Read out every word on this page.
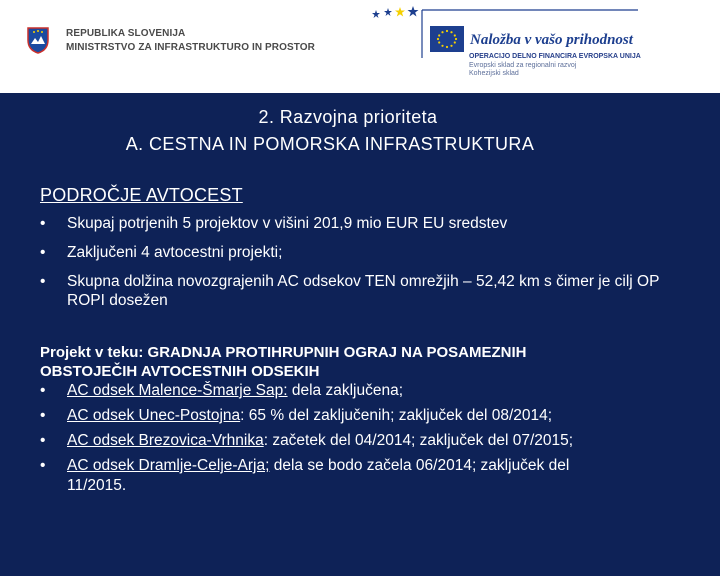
REPUBLIKA SLOVENIJA
MINISTRSTVO ZA INFRASTRUKTURO IN PROSTOR	Naložba v vašo prihodnost
OPERACIJO DELNO FINANCIRA EVROPSKA UNIJA
Evropski sklad za regionalni razvoj
Kohezijski sklad
2. Razvojna prioriteta
A. CESTNA IN POMORSKA INFRASTRUKTURA
PODROČJE AVTOCEST
• Skupaj potrjenih 5 projektov v višini 201,9 mio EUR EU sredstev
• Zaključeni 4 avtocestni projekti;
• Skupna dolžina novozgrajenih AC odsekov TEN omrežjih – 52,42 km s čimer je cilj OP ROPI dosežen
Projekt v teku: GRADNJA PROTIHRUPNIH OGRAJ NA POSAMEZNIH
OBSTOJEČIH AVTOCESTNIH ODSEKIH
• AC odsek Malence-Šmarje Sap: dela zaključena;
• AC odsek Unec-Postojna: 65 % del zaključenih; zaključek del 08/2014;
• AC odsek Brezovica-Vrhnika: začetek del 04/2014; zaključek del 07/2015;
• AC odsek Dramlje-Celje-Arja; dela se bodo začela 06/2014; zaključek del
11/2015.
